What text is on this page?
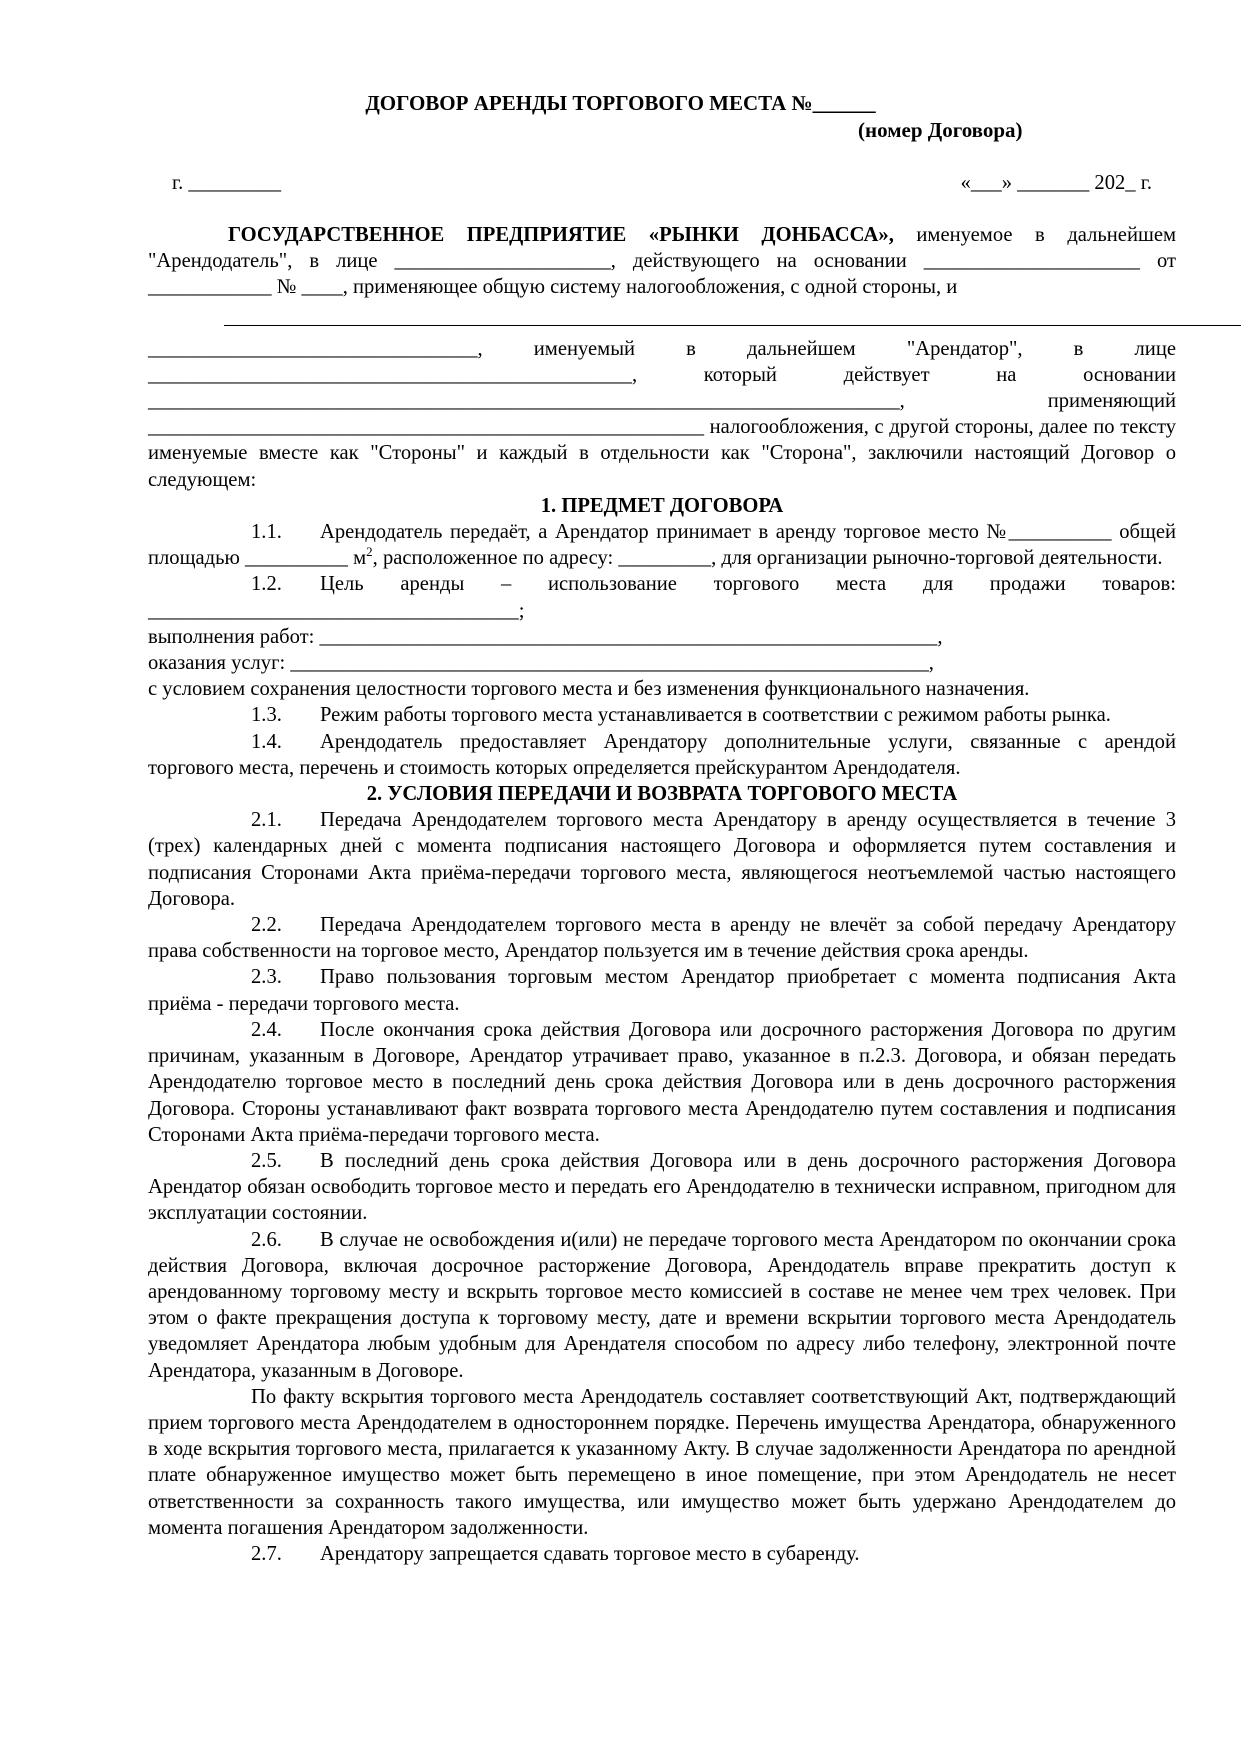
ДОГОВОР АРЕНДЫ ТОРГОВОГО МЕСТА №______
(номер Договора)
г. _________	«___» _______ 202_ г.

ГОСУДАРСТВЕННОЕ ПРЕДПРИЯТИЕ «РЫНКИ ДОНБАССА», именуемое в дальнейшем "Арендодатель", в лице _____________________, действующего на основании _____________________ от ____________ № ____, применяющее общую систему налогообложения, с одной стороны, и

________________________________, именуемый в дальнейшем "Арендатор", в лице

_______________________________________________, который действует на основании

_________________________________________________________________________, применяющий

______________________________________________________ налогообложения, с другой стороны, далее по тексту именуемые вместе как "Стороны" и каждый в отдельности как "Сторона", заключили настоящий Договор о следующем:

1. ПРЕДМЕТ ДОГОВОРА

1.1. Арендодатель передаёт, а Арендатор принимает в аренду торговое место №__________ общей площадью __________ $м^2$, расположенное по адресу: _________, для организации рыночно-торговой деятельности.

1.2. Цель аренды – использование торгового места для продажи товаров: ____________________________________;

выполнения работ: ____________________________________________________________,

оказания услуг: ______________________________________________________________,

с условием сохранения целостности торгового места и без изменения функционального назначения.

1.3. Режим работы торгового места устанавливается в соответствии с режимом работы рынка.

1.4. Арендодатель предоставляет Арендатору дополнительные услуги, связанные с арендой торгового места, перечень и стоимость которых определяется прейскурантом Арендодателя.

2. УСЛОВИЯ ПЕРЕДАЧИ И ВОЗВРАТА ТОРГОВОГО МЕСТА

2.1. Передача Арендодателем торгового места Арендатору в аренду осуществляется в течение 3 (трех) календарных дней с момента подписания настоящего Договора и оформляется путем составления и подписания Сторонами Акта приёма-передачи торгового места, являющегося неотъемлемой частью настоящего Договора.

2.2. Передача Арендодателем торгового места в аренду не влечёт за собой передачу Арендатору права собственности на торговое место, Арендатор пользуется им в течение действия срока аренды.

2.3. Право пользования торговым местом Арендатор приобретает с момента подписания Акта приёма - передачи торгового места.

2.4. После окончания срока действия Договора или досрочного расторжения Договора по другим причинам, указанным в Договоре, Арендатор утрачивает право, указанное в п.2.3. Договора, и обязан передать Арендодателю торговое место в последний день срока действия Договора или в день досрочного расторжения Договора. Стороны устанавливают факт возврата торгового места Арендодателю путем составления и подписания Сторонами Акта приёма-передачи торгового места.

2.5. В последний день срока действия Договора или в день досрочного расторжения Договора Арендатор обязан освободить торговое место и передать его Арендодателю в технически исправном, пригодном для эксплуатации состоянии.

2.6. В случае не освобождения и(или) не передаче торгового места Арендатором по окончании срока действия Договора, включая досрочное расторжение Договора, Арендодатель вправе прекратить доступ к арендованному торговому месту и вскрыть торговое место комиссией в составе не менее чем трех человек. При этом о факте прекращения доступа к торговому месту, дате и времени вскрытии торгового места Арендодатель уведомляет Арендатора любым удобным для Арендателя способом по адресу либо телефону, электронной почте Арендатора, указанным в Договоре.

По факту вскрытия торгового места Арендодатель составляет соответствующий Акт, подтверждающий прием торгового места Арендодателем в одностороннем порядке. Перечень имущества Арендатора, обнаруженного в ходе вскрытия торгового места, прилагается к указанному Акту. В случае задолженности Арендатора по арендной плате обнаруженное имущество может быть перемещено в иное помещение, при этом Арендодатель не несет ответственности за сохранность такого имущества, или имущество может быть удержано Арендодателем до момента погашения Арендатором задолженности.

2.7. Арендатору запрещается сдавать торговое место в субаренду.
